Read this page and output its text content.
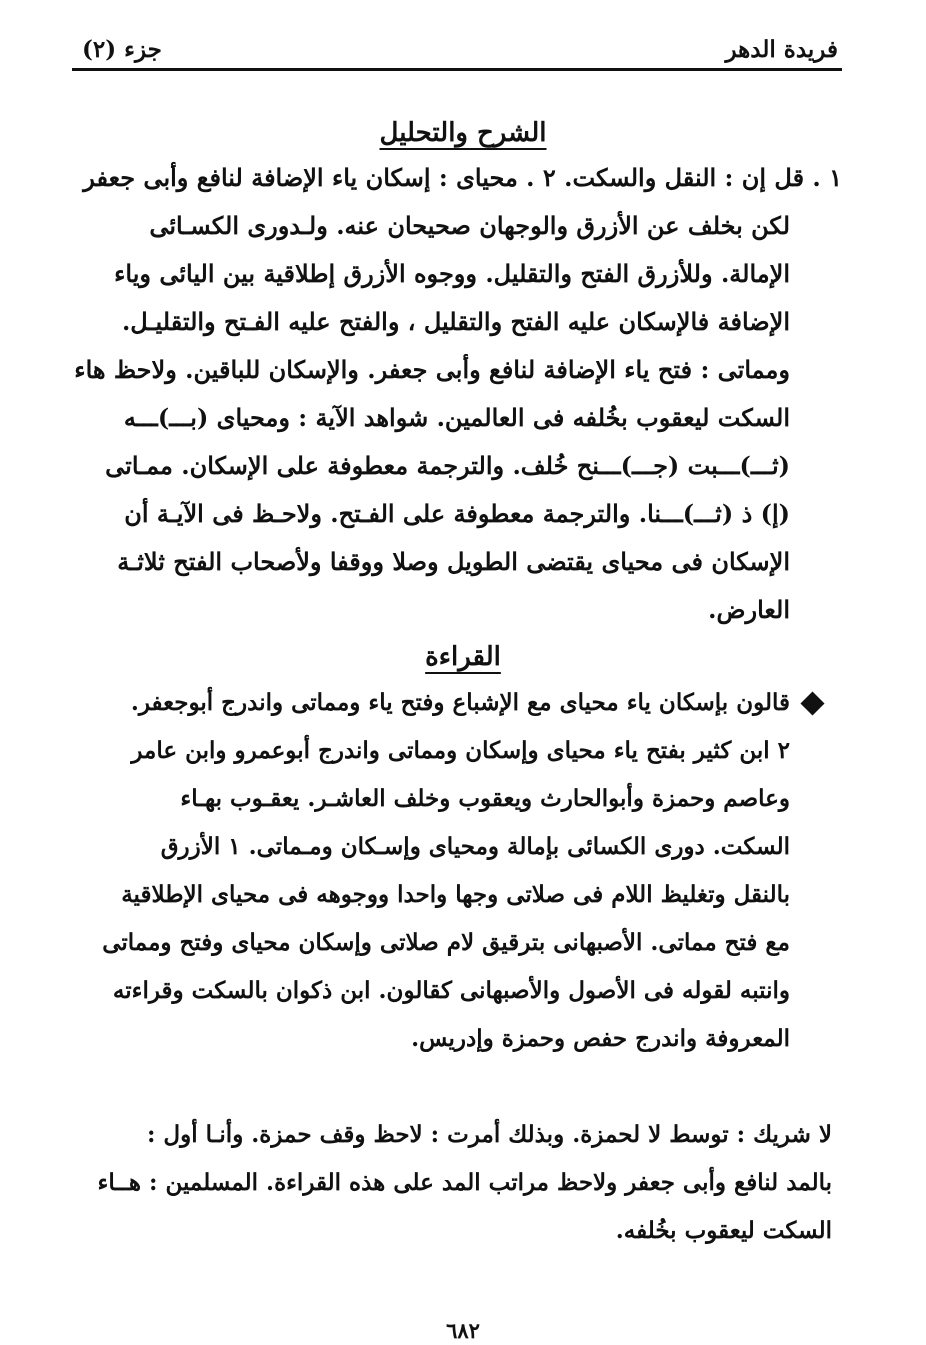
فريدة الدهر
جزء (٢)
الشرح والتحليل
١ . قل إن : النقل والسكت. ٢ . محياى : إسكان ياء الإضافة لنافع وأبى جعفر
لكن بخلف عن الأزرق والوجهان صحيحان عنه. ولـدورى الكسـائى
الإمالة. وللأزرق الفتح والتقليل. ووجوه الأزرق إطلاقية بين اليائى وياء
الإضافة فالإسكان عليه الفتح والتقليل ، والفتح عليه الفـتح والتقليـل.
ومماتى : فتح ياء الإضافة لنافع وأبى جعفر. والإسكان للباقين. ولاحظ هاء
السكت ليعقوب بخُلفه فى العالمين. شواهد الآية : ومحياى (بـــ)ـــه
(ثـــ)ـــبت (جـــ)ـــنح خُلف. والترجمة معطوفة على الإسكان. ممـاتى
(إ) ذ (ثـــ)ـــنا. والترجمة معطوفة على الفـتح. ولاحـظ فى الآيـة أن
الإسكان فى محياى يقتضى الطويل وصلا ووقفا ولأصحاب الفتح ثلاثـة
العارض.
القراءة
قالون بإسكان ياء محياى مع الإشباع وفتح ياء ومماتى واندرج أبوجعفر.
٢ ابن كثير بفتح ياء محياى وإسكان ومماتى واندرج أبوعمرو وابن عامر
وعاصم وحمزة وأبوالحارث ويعقوب وخلف العاشـر. يعقـوب بهـاء
السكت. دورى الكسائى بإمالة ومحياى وإسـكان ومـماتى. ١ الأزرق
بالنقل وتغليظ اللام فى صلاتى وجها واحدا ووجوهه فى محياى الإطلاقية
مع فتح مماتى. الأصبهانى بترقيق لام صلاتى وإسكان محياى وفتح ومماتى
وانتبه لقوله فى الأصول والأصبهانى كقالون. ابن ذكوان بالسكت وقراءته
المعروفة واندرج حفص وحمزة وإدريس.
لا شريك : توسط لا لحمزة. وبذلك أمرت : لاحظ وقف حمزة. وأنـا أول :
بالمد لنافع وأبى جعفر ولاحظ مراتب المد على هذه القراءة. المسلمين : هــاء
السكت ليعقوب بخُلفه.
٦٨٢
